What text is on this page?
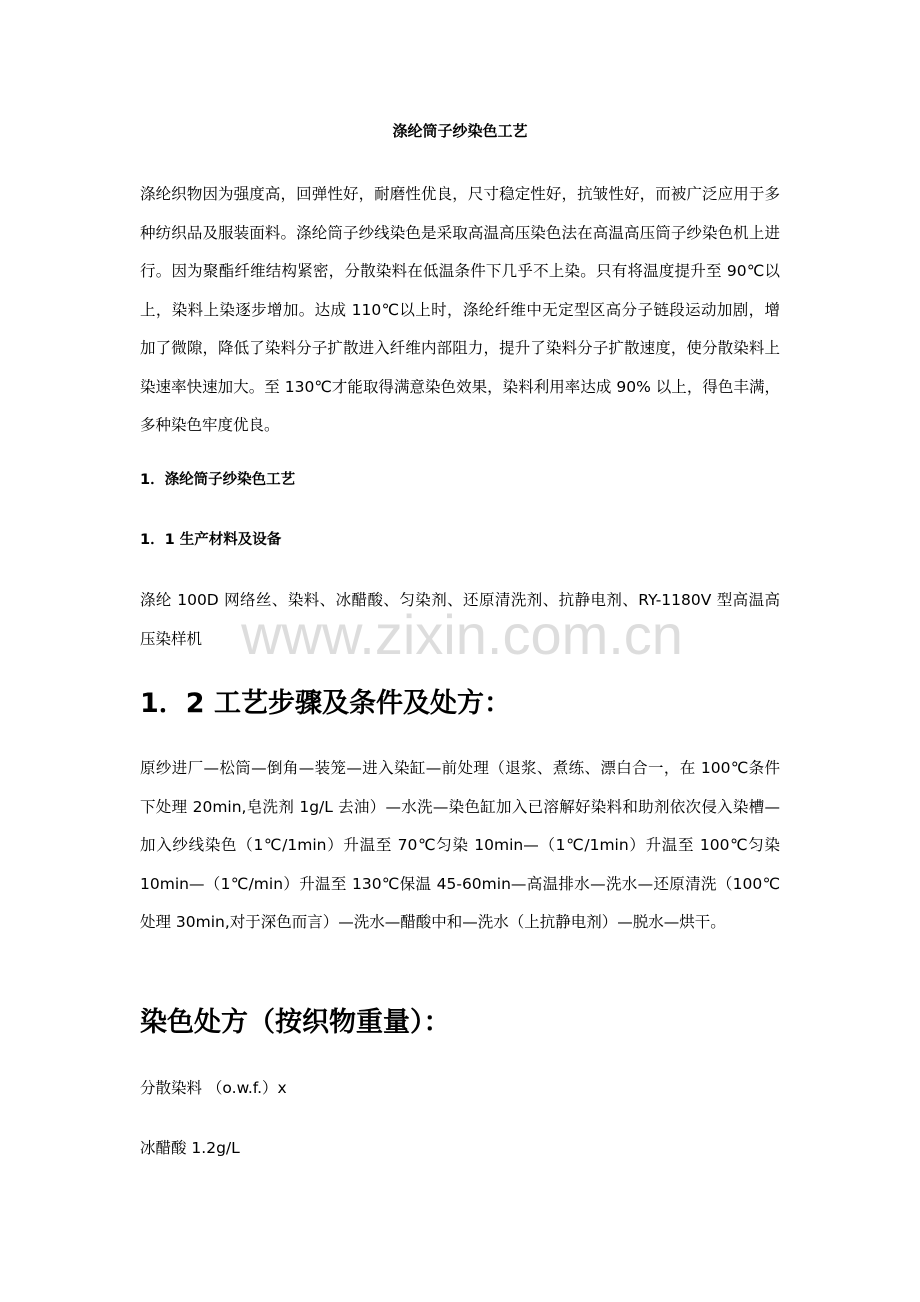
涤纶筒子纱染色工艺

涤纶织物因为强度高，回弹性好，耐磨性优良，尺寸稳定性好，抗皱性好，而被广泛应用于多种纺织品及服装面料。涤纶筒子纱线染色是采取高温高压染色法在高温高压筒子纱染色机上进行。因为聚酯纤维结构紧密，分散染料在低温条件下几乎不上染。只有将温度提升至 90℃以上，染料上染逐步增加。达成 110℃以上时，涤纶纤维中无定型区高分子链段运动加剧，增加了微隙，降低了染料分子扩散进入纤维内部阻力，提升了染料分子扩散速度，使分散染料上染速率快速加大。至 130℃才能取得满意染色效果，染料利用率达成 90% 以上，得色丰满，多种染色牢度优良。

1．涤纶筒子纱染色工艺

1．1 生产材料及设备

涤纶 100D 网络丝、染料、冰醋酸、匀染剂、还原清洗剂、抗静电剂、RY-1180V 型高温高压染样机

1．2 工艺步骤及条件及处方：

原纱进厂—松筒—倒角—装笼—进入染缸—前处理（退浆、煮练、漂白合一，在 100℃条件下处理 20min,皂洗剂 1g/L 去油）—水洗—染色缸加入已溶解好染料和助剂依次侵入染槽—加入纱线染色（1℃/1min）升温至 70℃匀染 10min—（1℃/1min）升温至 100℃匀染 10min—（1℃/min）升温至 130℃保温 45-60min—高温排水—洗水—还原清洗（100℃处理 30min,对于深色而言）—洗水—醋酸中和—洗水（上抗静电剂）—脱水—烘干。

染色处方（按织物重量）：

分散染料 （o.w.f.）x

冰醋酸 1.2g/L

www.zixin.com.cn
